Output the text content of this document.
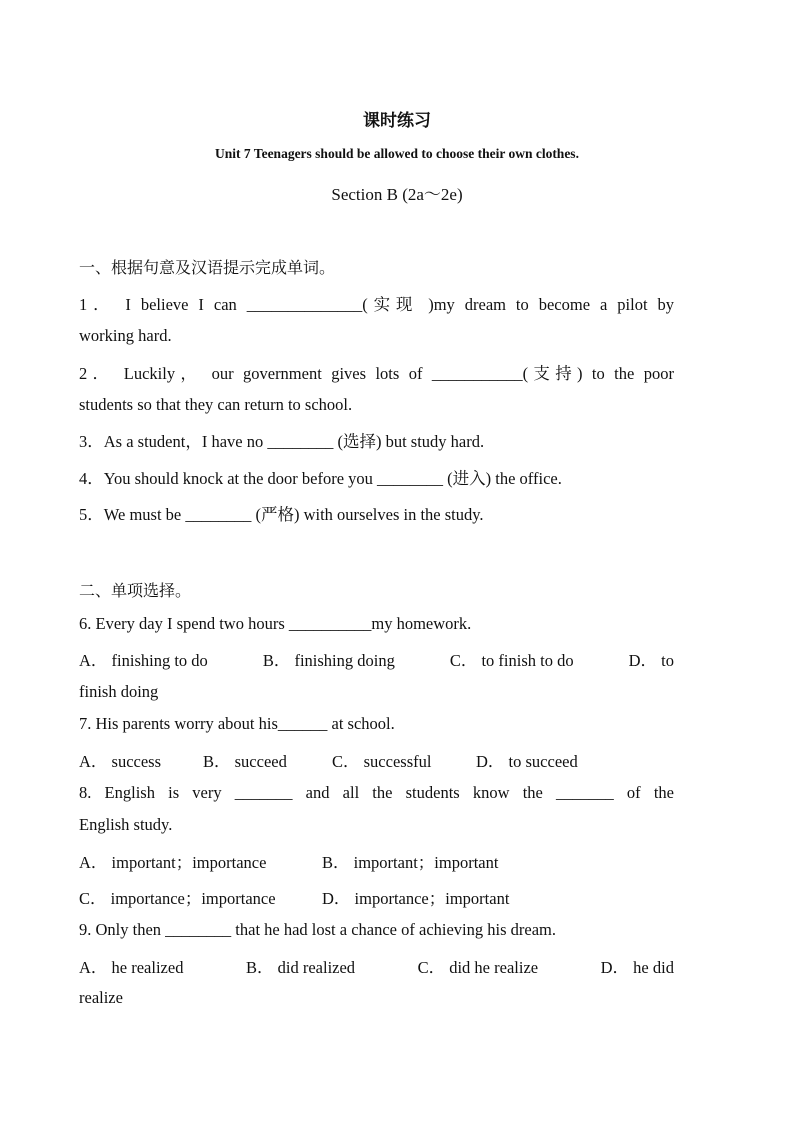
课时练习
Unit 7 Teenagers should be allowed to choose their own clothes.
Section B (2a～2e)
一、根据句意及汉语提示完成单词。
1． I believe I can ______________(实现 )my dream to become a pilot by
working hard.
2． Luckily， our government gives lots of ___________(支持) to the poor
students so that they can return to school.
3．As a student，I have no ________ (选择) but study hard.
4．You should knock at the door before you ________ (进入) the office.
5．We must be ________ (严格) with ourselves in the study.
二、单项选择。
6. Every day I spend two hours __________my homework.
A． finishing to do	B． finishing doing	C． to finish to do	D． to
finish doing
7. His parents worry about his______ at school.
A． success	B． succeed	C． successful	D． to succeed
8. English is very _______ and all the students know the _______ of the
English study.
A． important；importance	B． important；important
C． importance；importance	D． importance；important
9. Only then ________ that he had lost a chance of achieving his dream.
A． he realized	B． did realized	C． did he realize	D． he did
realize
